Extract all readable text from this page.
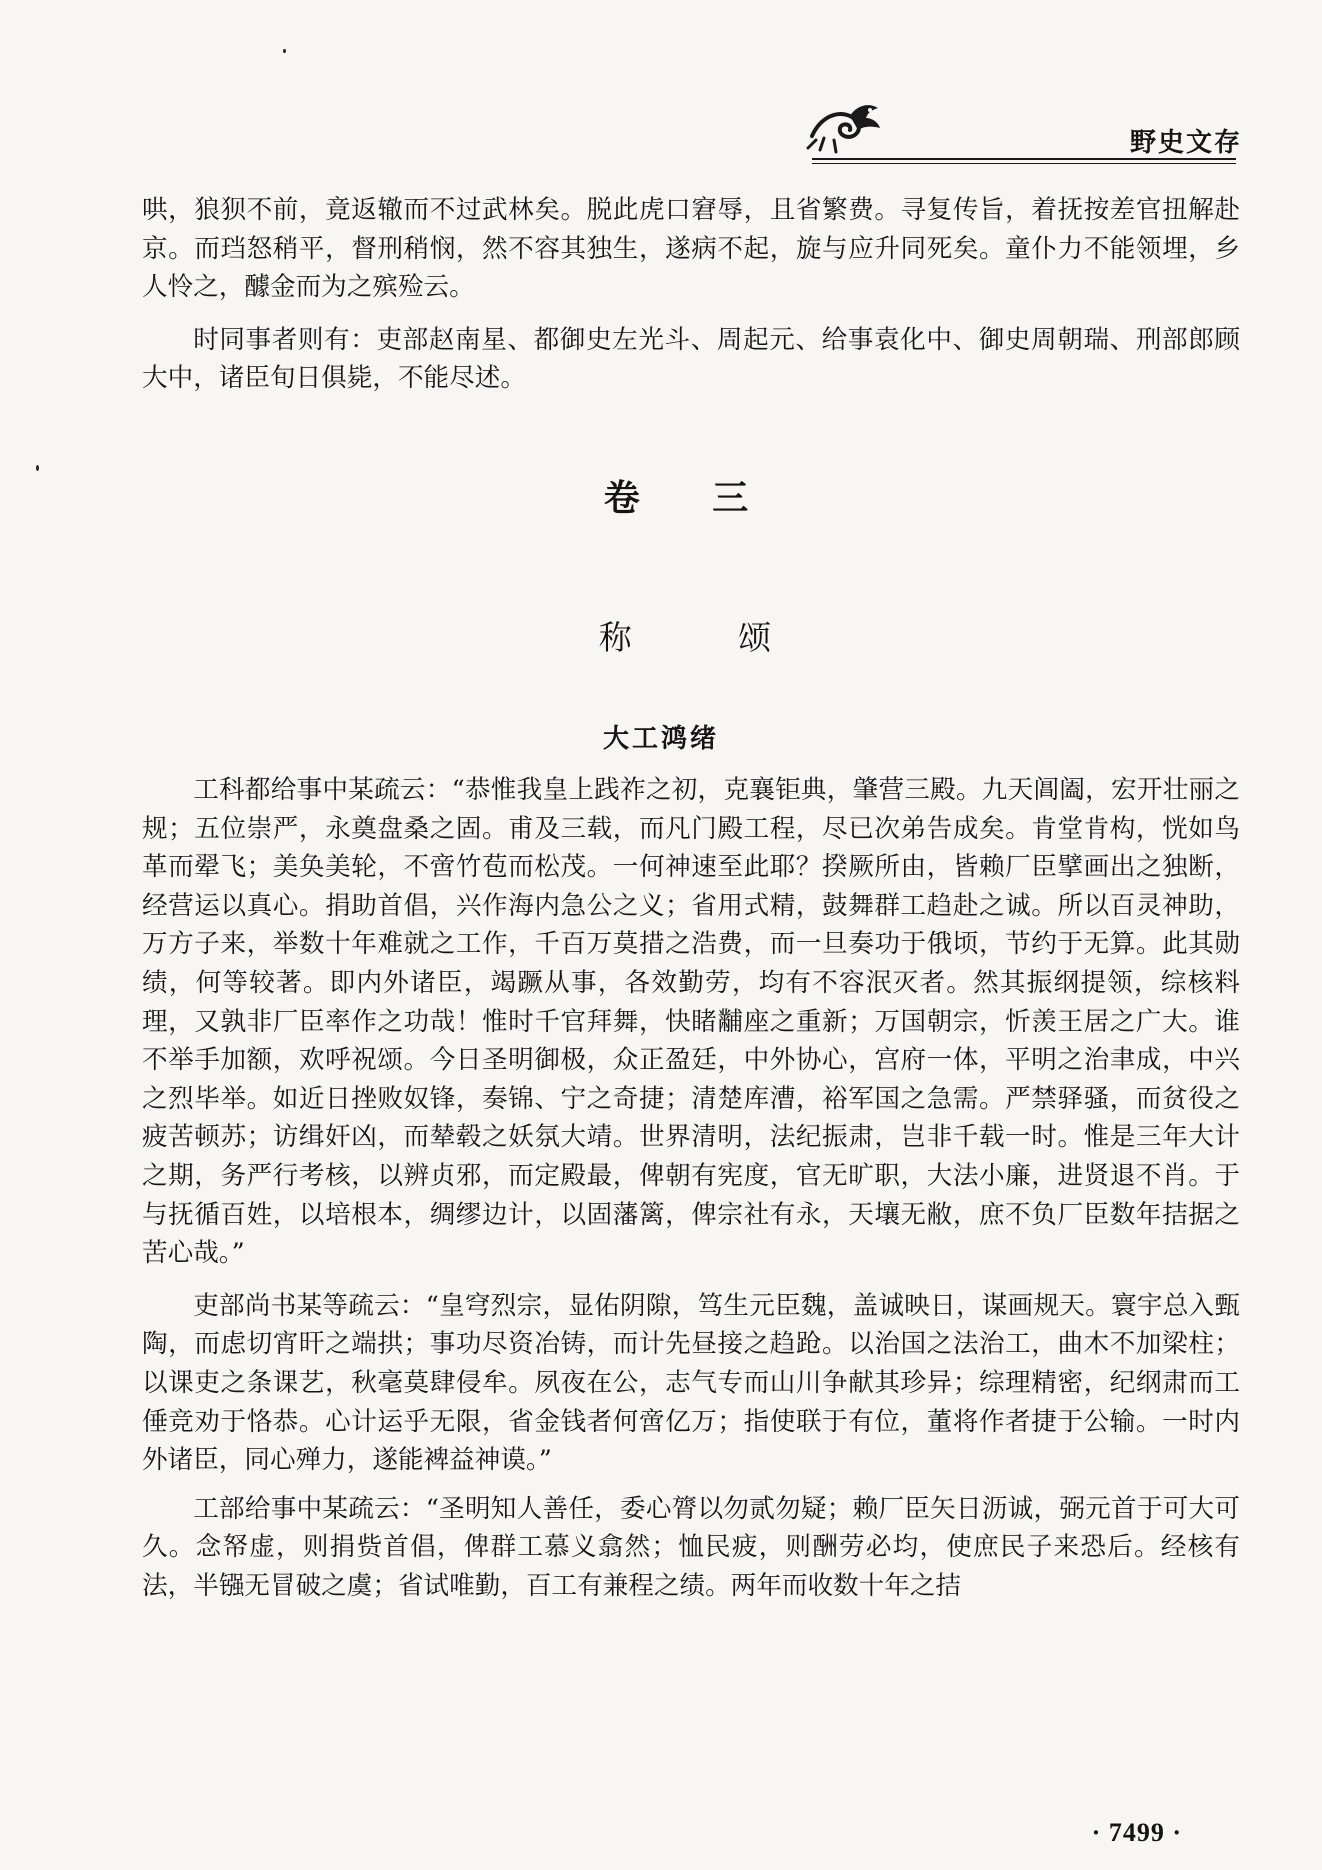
野史文存

哄，狼狈不前，竟返辙而不过武林矣。脱此虎口窘辱，且省繁费。寻复传旨，着抚按差官扭解赴京。而珰怒稍平，督刑稍悯，然不容其独生，遂病不起，旋与应升同死矣。童仆力不能领埋，乡人怜之，醵金而为之殡殓云。

时同事者则有：吏部赵南星、都御史左光斗、周起元、给事袁化中、御史周朝瑞、刑部郎顾大中，诸臣旬日俱毙，不能尽述。

卷 三
称 颂
大工鸿绪

工科都给事中某疏云：“恭惟我皇上践祚之初，克襄钜典，肇营三殿。九天阊阖，宏开壮丽之规；五位崇严，永奠盘桑之固。甫及三载，而凡门殿工程，尽已次弟告成矣。肯堂肯构，恍如鸟革而翚飞；美奂美轮，不啻竹苞而松茂。一何神速至此耶？揆厥所由，皆赖厂臣擘画出之独断，经营运以真心。捐助首倡，兴作海内急公之义；省用式精，鼓舞群工趋赴之诚。所以百灵神助，万方子来，举数十年难就之工作，千百万莫措之浩费，而一旦奏功于俄顷，节约于无算。此其勋绩，何等较著。即内外诸臣，竭蹶从事，各效勤劳，均有不容泯灭者。然其振纲提领，综核料理，又孰非厂臣率作之功哉！惟时千官拜舞，快睹黼座之重新；万国朝宗，忻羡王居之广大。谁不举手加额，欢呼祝颂。今日圣明御极，众正盈廷，中外协心，宫府一体，平明之治聿成，中兴之烈毕举。如近日挫败奴锋，奏锦、宁之奇捷；清楚库漕，裕军国之急需。严禁驿骚，而贫役之疲苦顿苏；访缉奸凶，而辇毂之妖氛大靖。世界清明，法纪振肃，岂非千载一时。惟是三年大计之期，务严行考核，以辨贞邪，而定殿最，俾朝有宪度，官无旷职，大法小廉，进贤退不肖。于与抚循百姓，以培根本，绸缪边计，以固藩篱，俾宗社有永，天壤无敝，庶不负厂臣数年拮据之苦心哉。”

吏部尚书某等疏云：“皇穹烈宗，显佑阴隙，笃生元臣魏，盖诚映日，谋画规天。寰宇总入甄陶，而虑切宵旰之端拱；事功尽资冶铸，而计先昼接之趋跄。以治国之法治工，曲木不加梁柱；以课吏之条课艺，秋毫莫肆侵牟。夙夜在公，志气专而山川争献其珍异；综理精密，纪纲肃而工倕竞劝于恪恭。心计运乎无限，省金钱者何啻亿万；指使联于有位，董将作者捷于公输。一时内外诸臣，同心殚力，遂能裨益神谟。”

工部给事中某疏云：“圣明知人善任，委心膂以勿贰勿疑；赖厂臣矢日沥诚，弼元首于可大可久。念帑虚，则捐赀首倡，俾群工慕义翕然；恤民疲，则酬劳必均，使庶民子来恐后。经核有法，半镪无冒破之虞；省试唯勤，百工有兼程之绩。两年而收数十年之拮

· 7499 ·
